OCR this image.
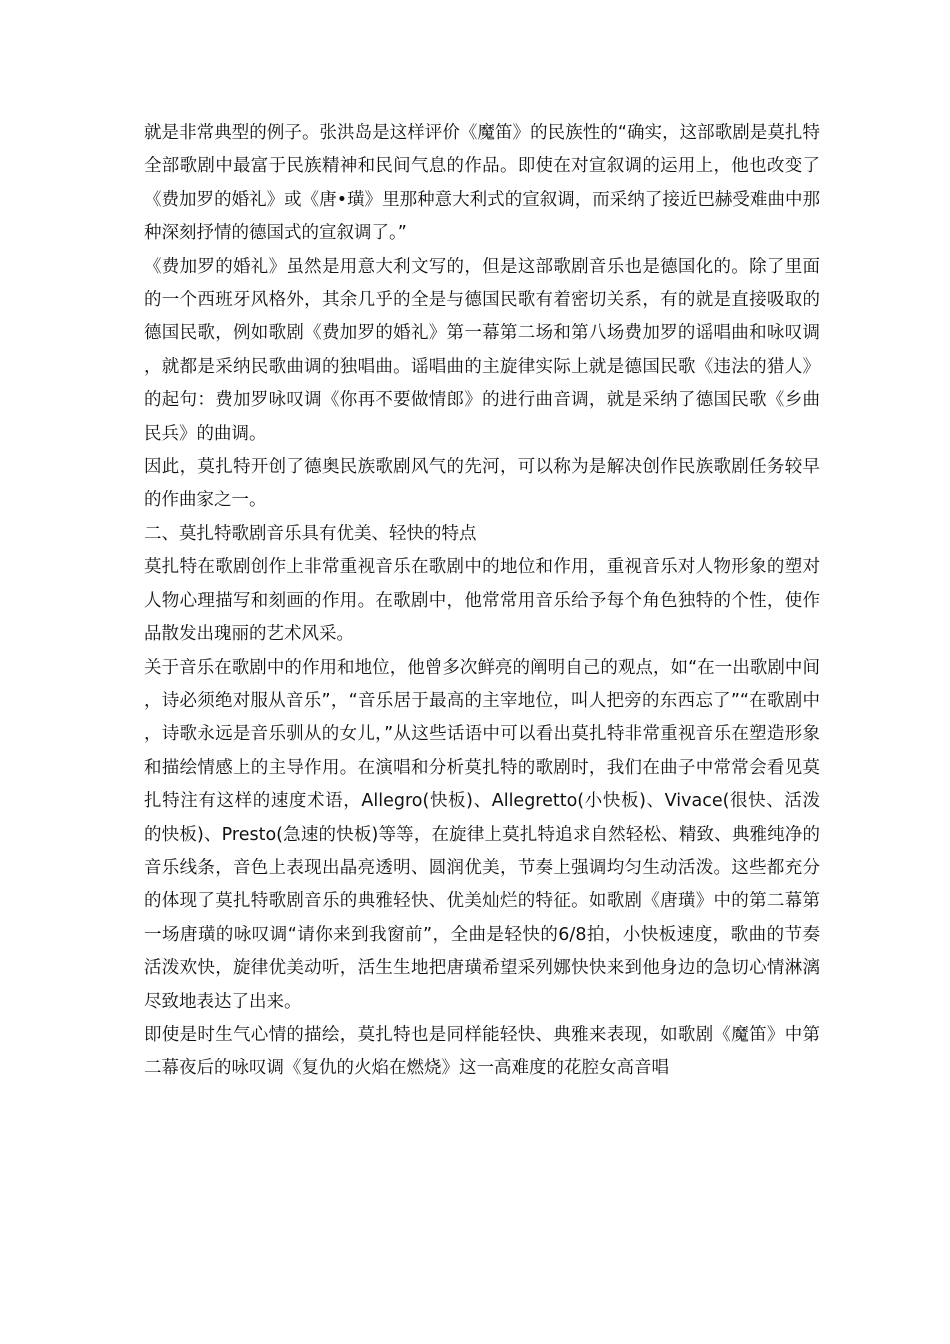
就是非常典型的例子。张洪岛是这样评价《魔笛》的民族性的“确实，这部歌剧是莫扎特全部歌剧中最富于民族精神和民间气息的作品。即使在对宣叙调的运用上，他也改变了《费加罗的婚礼》或《唐•璜》里那种意大利式的宣叙调，而采纳了接近巴赫受难曲中那种深刻抒情的德国式的宣叙调了。”

《费加罗的婚礼》虽然是用意大利文写的，但是这部歌剧音乐也是德国化的。除了里面的一个西班牙风格外，其余几乎的全是与德国民歌有着密切关系，有的就是直接吸取的德国民歌，例如歌剧《费加罗的婚礼》第一幕第二场和第八场费加罗的谣唱曲和咏叹调，就都是采纳民歌曲调的独唱曲。谣唱曲的主旋律实际上就是德国民歌《违法的猎人》的起句：费加罗咏叹调《你再不要做情郎》的进行曲音调，就是采纳了德国民歌《乡曲民兵》的曲调。

因此，莫扎特开创了德奥民族歌剧风气的先河，可以称为是解决创作民族歌剧任务较早的作曲家之一。

二、莫扎特歌剧音乐具有优美、轻快的特点

莫扎特在歌剧创作上非常重视音乐在歌剧中的地位和作用，重视音乐对人物形象的塑对人物心理描写和刻画的作用。在歌剧中，他常常用音乐给予每个角色独特的个性，使作品散发出瑰丽的艺术风采。

关于音乐在歌剧中的作用和地位，他曾多次鲜亮的阐明自己的观点，如“在一出歌剧中间，诗必须绝对服从音乐”，“音乐居于最高的主宰地位，叫人把旁的东西忘了”“在歌剧中，诗歌永远是音乐驯从的女儿，”从这些话语中可以看出莫扎特非常重视音乐在塑造形象和描绘情感上的主导作用。在演唱和分析莫扎特的歌剧时，我们在曲子中常常会看见莫扎特注有这样的速度术语，Allegro(快板)、Allegretto(小快板)、Vivace(很快、活泼的快板)、Presto(急速的快板)等等，在旋律上莫扎特追求自然轻松、精致、典雅纯净的音乐线条，音色上表现出晶亮透明、圆润优美，节奏上强调均匀生动活泼。这些都充分的体现了莫扎特歌剧音乐的典雅轻快、优美灿烂的特征。如歌剧《唐璜》中的第二幕第一场唐璜的咏叹调“请你来到我窗前”，全曲是轻快的6/8拍，小快板速度，歌曲的节奏活泼欢快，旋律优美动听，活生生地把唐璜希望采列娜快快来到他身边的急切心情淋漓尽致地表达了出来。

即使是时生气心情的描绘，莫扎特也是同样能轻快、典雅来表现，如歌剧《魔笛》中第二幕夜后的咏叹调《复仇的火焰在燃烧》这一高难度的花腔女高音唱
